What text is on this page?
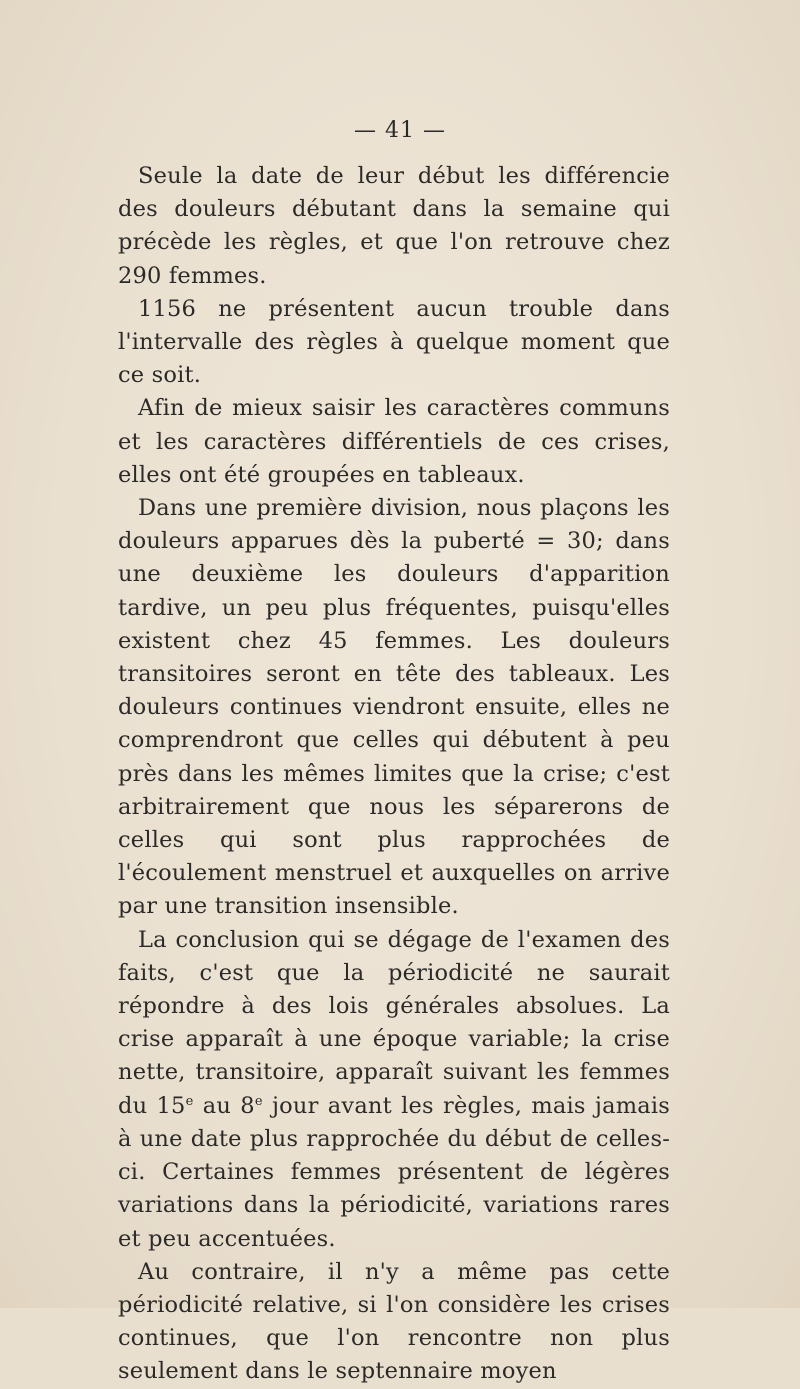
— 41 —

Seule la date de leur début les différencie des douleurs débutant dans la semaine qui précède les règles, et que l'on retrouve chez 290 femmes.

1156 ne présentent aucun trouble dans l'intervalle des règles à quelque moment que ce soit.

Afin de mieux saisir les caractères communs et les caractères différentiels de ces crises, elles ont été groupées en tableaux.

Dans une première division, nous plaçons les douleurs apparues dès la puberté = 30; dans une deuxième les douleurs d'apparition tardive, un peu plus fréquentes, puisqu'elles existent chez 45 femmes. Les douleurs transitoires seront en tête des tableaux. Les douleurs continues viendront ensuite, elles ne comprendront que celles qui débutent à peu près dans les mêmes limites que la crise; c'est arbitrairement que nous les séparerons de celles qui sont plus rapprochées de l'écoulement menstruel et auxquelles on arrive par une transition insensible.

La conclusion qui se dégage de l'examen des faits, c'est que la périodicité ne saurait répondre à des lois générales absolues. La crise apparaît à une époque variable; la crise nette, transitoire, apparaît suivant les femmes du 15e au 8e jour avant les règles, mais jamais à une date plus rapprochée du début de celles-ci. Certaines femmes présentent de légères variations dans la périodicité, variations rares et peu accentuées.

Au contraire, il n'y a même pas cette périodicité relative, si l'on considère les crises continues, que l'on rencontre non plus seulement dans le septennaire moyen
